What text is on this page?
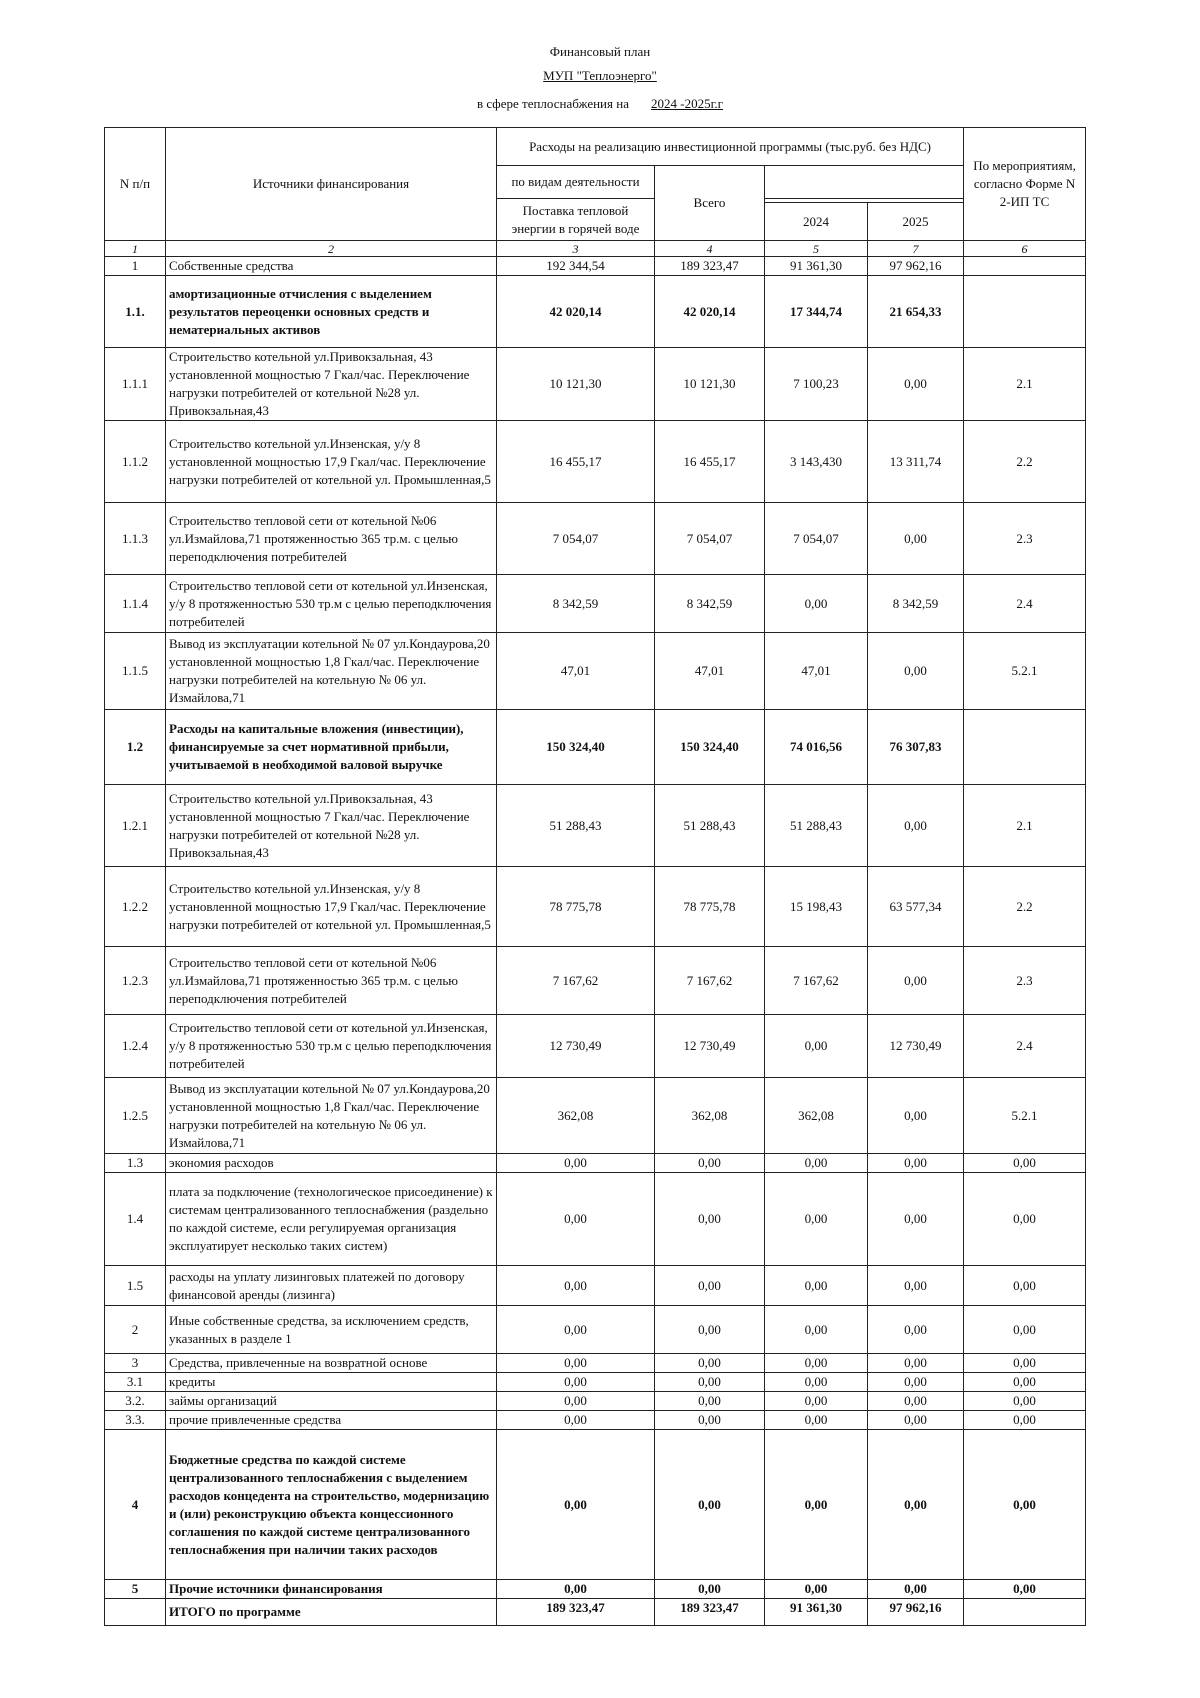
Финансовый план
МУП "Теплоэнерго"
в сфере теплоснабжения на 2024 -2025г.г
N п/п	Источники финансирования	Расходы на реализацию инвестиционной программы (тыс.руб. без НДС)				По мероприятиям, согласно Форме N 2-ИП ТС
		по видам деятельности	Всего			
		Поставка тепловой энергии в горячей воде				
				2024	2025	
1	2	3	4	5	7	6
1	Собственные средства	192 344,54	189 323,47	91 361,30	97 962,16	
1.1.	амортизационные отчисления с выделением результатов переоценки основных средств и нематериальных активов	42 020,14	42 020,14	17 344,74	21 654,33	
1.1.1	Строительство котельной ул.Привокзальная, 43 установленной мощностью 7 Гкал/час. Переключение нагрузки потребителей от котельной №28 ул. Привокзальная,43	10 121,30	10 121,30	7 100,23	0,00	2.1
1.1.2	Строительство котельной ул.Инзенская, у/у 8 установленной мощностью 17,9 Гкал/час. Переключение нагрузки потребителей от котельной ул. Промышленная,5	16 455,17	16 455,17	3 143,430	13 311,74	2.2
1.1.3	Строительство тепловой сети от котельной №06 ул.Измайлова,71 протяженностью 365 тр.м. с целью переподключения потребителей	7 054,07	7 054,07	7 054,07	0,00	2.3
1.1.4	Строительство тепловой сети от котельной ул.Инзенская, у/у 8 протяженностью 530 тр.м с целью переподключения потребителей	8 342,59	8 342,59	0,00	8 342,59	2.4
1.1.5	Вывод из эксплуатации котельной № 07 ул.Кондаурова,20 установленной мощностью 1,8 Гкал/час. Переключение нагрузки потребителей на котельную № 06 ул. Измайлова,71	47,01	47,01	47,01	0,00	5.2.1
1.2	Расходы на капитальные вложения (инвестиции), финансируемые за счет нормативной прибыли, учитываемой в необходимой валовой выручке	150 324,40	150 324,40	74 016,56	76 307,83	
1.2.1	Строительство котельной ул.Привокзальная, 43 установленной мощностью 7 Гкал/час. Переключение нагрузки потребителей от котельной №28 ул. Привокзальная,43	51 288,43	51 288,43	51 288,43	0,00	2.1
1.2.2	Строительство котельной ул.Инзенская, у/у 8 установленной мощностью 17,9 Гкал/час. Переключение нагрузки потребителей от котельной ул. Промышленная,5	78 775,78	78 775,78	15 198,43	63 577,34	2.2
1.2.3	Строительство тепловой сети от котельной №06 ул.Измайлова,71 протяженностью 365 тр.м. с целью переподключения потребителей	7 167,62	7 167,62	7 167,62	0,00	2.3
1.2.4	Строительство тепловой сети от котельной ул.Инзенская, у/у 8 протяженностью 530 тр.м с целью переподключения потребителей	12 730,49	12 730,49	0,00	12 730,49	2.4
1.2.5	Вывод из эксплуатации котельной № 07 ул.Кондаурова,20 установленной мощностью 1,8 Гкал/час. Переключение нагрузки потребителей на котельную № 06 ул. Измайлова,71	362,08	362,08	362,08	0,00	5.2.1
1.3	экономия расходов	0,00	0,00	0,00	0,00	0,00
1.4	плата за подключение (технологическое присоединение) к системам централизованного теплоснабжения (раздельно по каждой системе, если регулируемая организация эксплуатирует несколько таких систем)	0,00	0,00	0,00	0,00	0,00
1.5	расходы на уплату лизинговых платежей по договору финансовой аренды (лизинга)	0,00	0,00	0,00	0,00	0,00
2	Иные собственные средства, за исключением средств, указанных в разделе 1	0,00	0,00	0,00	0,00	0,00
3	Средства, привлеченные на возвратной основе	0,00	0,00	0,00	0,00	0,00
3.1	кредиты	0,00	0,00	0,00	0,00	0,00
3.2.	займы организаций	0,00	0,00	0,00	0,00	0,00
3.3.	прочие привлеченные средства	0,00	0,00	0,00	0,00	0,00
4	Бюджетные средства по каждой системе централизованного теплоснабжения с выделением расходов концедента на строительство, модернизацию и (или) реконструкцию объекта концессионного соглашения по каждой системе централизованного теплоснабжения при наличии таких расходов	0,00	0,00	0,00	0,00	0,00
5	Прочие источники финансирования	0,00	0,00	0,00	0,00	0,00
	ИТОГО по программе	189 323,47	189 323,47	91 361,30	97 962,16	
